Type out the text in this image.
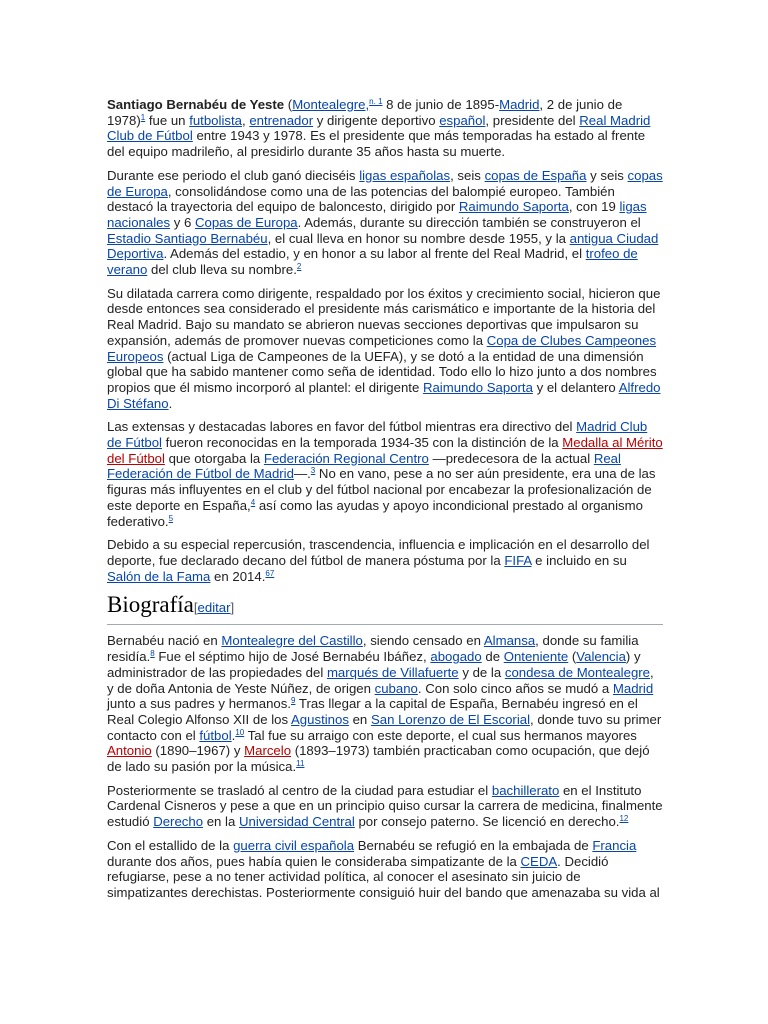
Santiago Bernabéu de Yeste (Montealegre,$^{n. 1}$ 8 de junio de 1895-Madrid, 2 de junio de 1978)$^1$ fue un futbolista, entrenador y dirigente deportivo español, presidente del Real Madrid Club de Fútbol entre 1943 y 1978. Es el presidente que más temporadas ha estado al frente del equipo madrileño, al presidirlo durante 35 años hasta su muerte.

Durante ese periodo el club ganó dieciséis ligas españolas, seis copas de España y seis copas de Europa, consolidándose como una de las potencias del balompié europeo. También destacó la trayectoria del equipo de baloncesto, dirigido por Raimundo Saporta, con 19 ligas nacionales y 6 Copas de Europa. Además, durante su dirección también se construyeron el Estadio Santiago Bernabéu, el cual lleva en honor su nombre desde 1955, y la antigua Ciudad Deportiva. Además del estadio, y en honor a su labor al frente del Real Madrid, el trofeo de verano del club lleva su nombre.$^2$

Su dilatada carrera como dirigente, respaldado por los éxitos y crecimiento social, hicieron que desde entonces sea considerado el presidente más carismático e importante de la historia del Real Madrid. Bajo su mandato se abrieron nuevas secciones deportivas que impulsaron su expansión, además de promover nuevas competiciones como la Copa de Clubes Campeones Europeos (actual Liga de Campeones de la UEFA), y se dotó a la entidad de una dimensión global que ha sabido mantener como seña de identidad. Todo ello lo hizo junto a dos nombres propios que él mismo incorporó al plantel: el dirigente Raimundo Saporta y el delantero Alfredo Di Stéfano.

Las extensas y destacadas labores en favor del fútbol mientras era directivo del Madrid Club de Fútbol fueron reconocidas en la temporada 1934-35 con la distinción de la Medalla al Mérito del Fútbol que otorgaba la Federación Regional Centro —predecesora de la actual Real Federación de Fútbol de Madrid—.$^3$ No en vano, pese a no ser aún presidente, era una de las figuras más influyentes en el club y del fútbol nacional por encabezar la profesionalización de este deporte en España,$^4$ así como las ayudas y apoyo incondicional prestado al organismo federativo.$^5$

Debido a su especial repercusión, trascendencia, influencia e implicación en el desarrollo del deporte, fue declarado decano del fútbol de manera póstuma por la FIFA e incluido en su Salón de la Fama en 2014.67

Biografía[editar]

Bernabéu nació en Montealegre del Castillo, siendo censado en Almansa, donde su familia residía.$^8$ Fue el séptimo hijo de José Bernabéu Ibáñez, abogado de Onteniente (Valencia) y administrador de las propiedades del marqués de Villafuerte y de la condesa de Montealegre, y de doña Antonia de Yeste Núñez, de origen cubano. Con solo cinco años se mudó a Madrid junto a sus padres y hermanos.$^9$ Tras llegar a la capital de España, Bernabéu ingresó en el Real Colegio Alfonso XII de los Agustinos en San Lorenzo de El Escorial, donde tuvo su primer contacto con el fútbol.$^{10}$ Tal fue su arraigo con este deporte, el cual sus hermanos mayores Antonio (1890–1967) y Marcelo (1893–1973) también practicaban como ocupación, que dejó de lado su pasión por la música.$^{11}$

Posteriormente se trasladó al centro de la ciudad para estudiar el bachillerato en el Instituto Cardenal Cisneros y pese a que en un principio quiso cursar la carrera de medicina, finalmente estudió Derecho en la Universidad Central por consejo paterno. Se licenció en derecho.$^{12}$

Con el estallido de la guerra civil española Bernabéu se refugió en la embajada de Francia durante dos años, pues había quien le consideraba simpatizante de la CEDA. Decidió refugiarse, pese a no tener actividad política, al conocer el asesinato sin juicio de simpatizantes derechistas. Posteriormente consiguió huir del bando que amenazaba su vida al
